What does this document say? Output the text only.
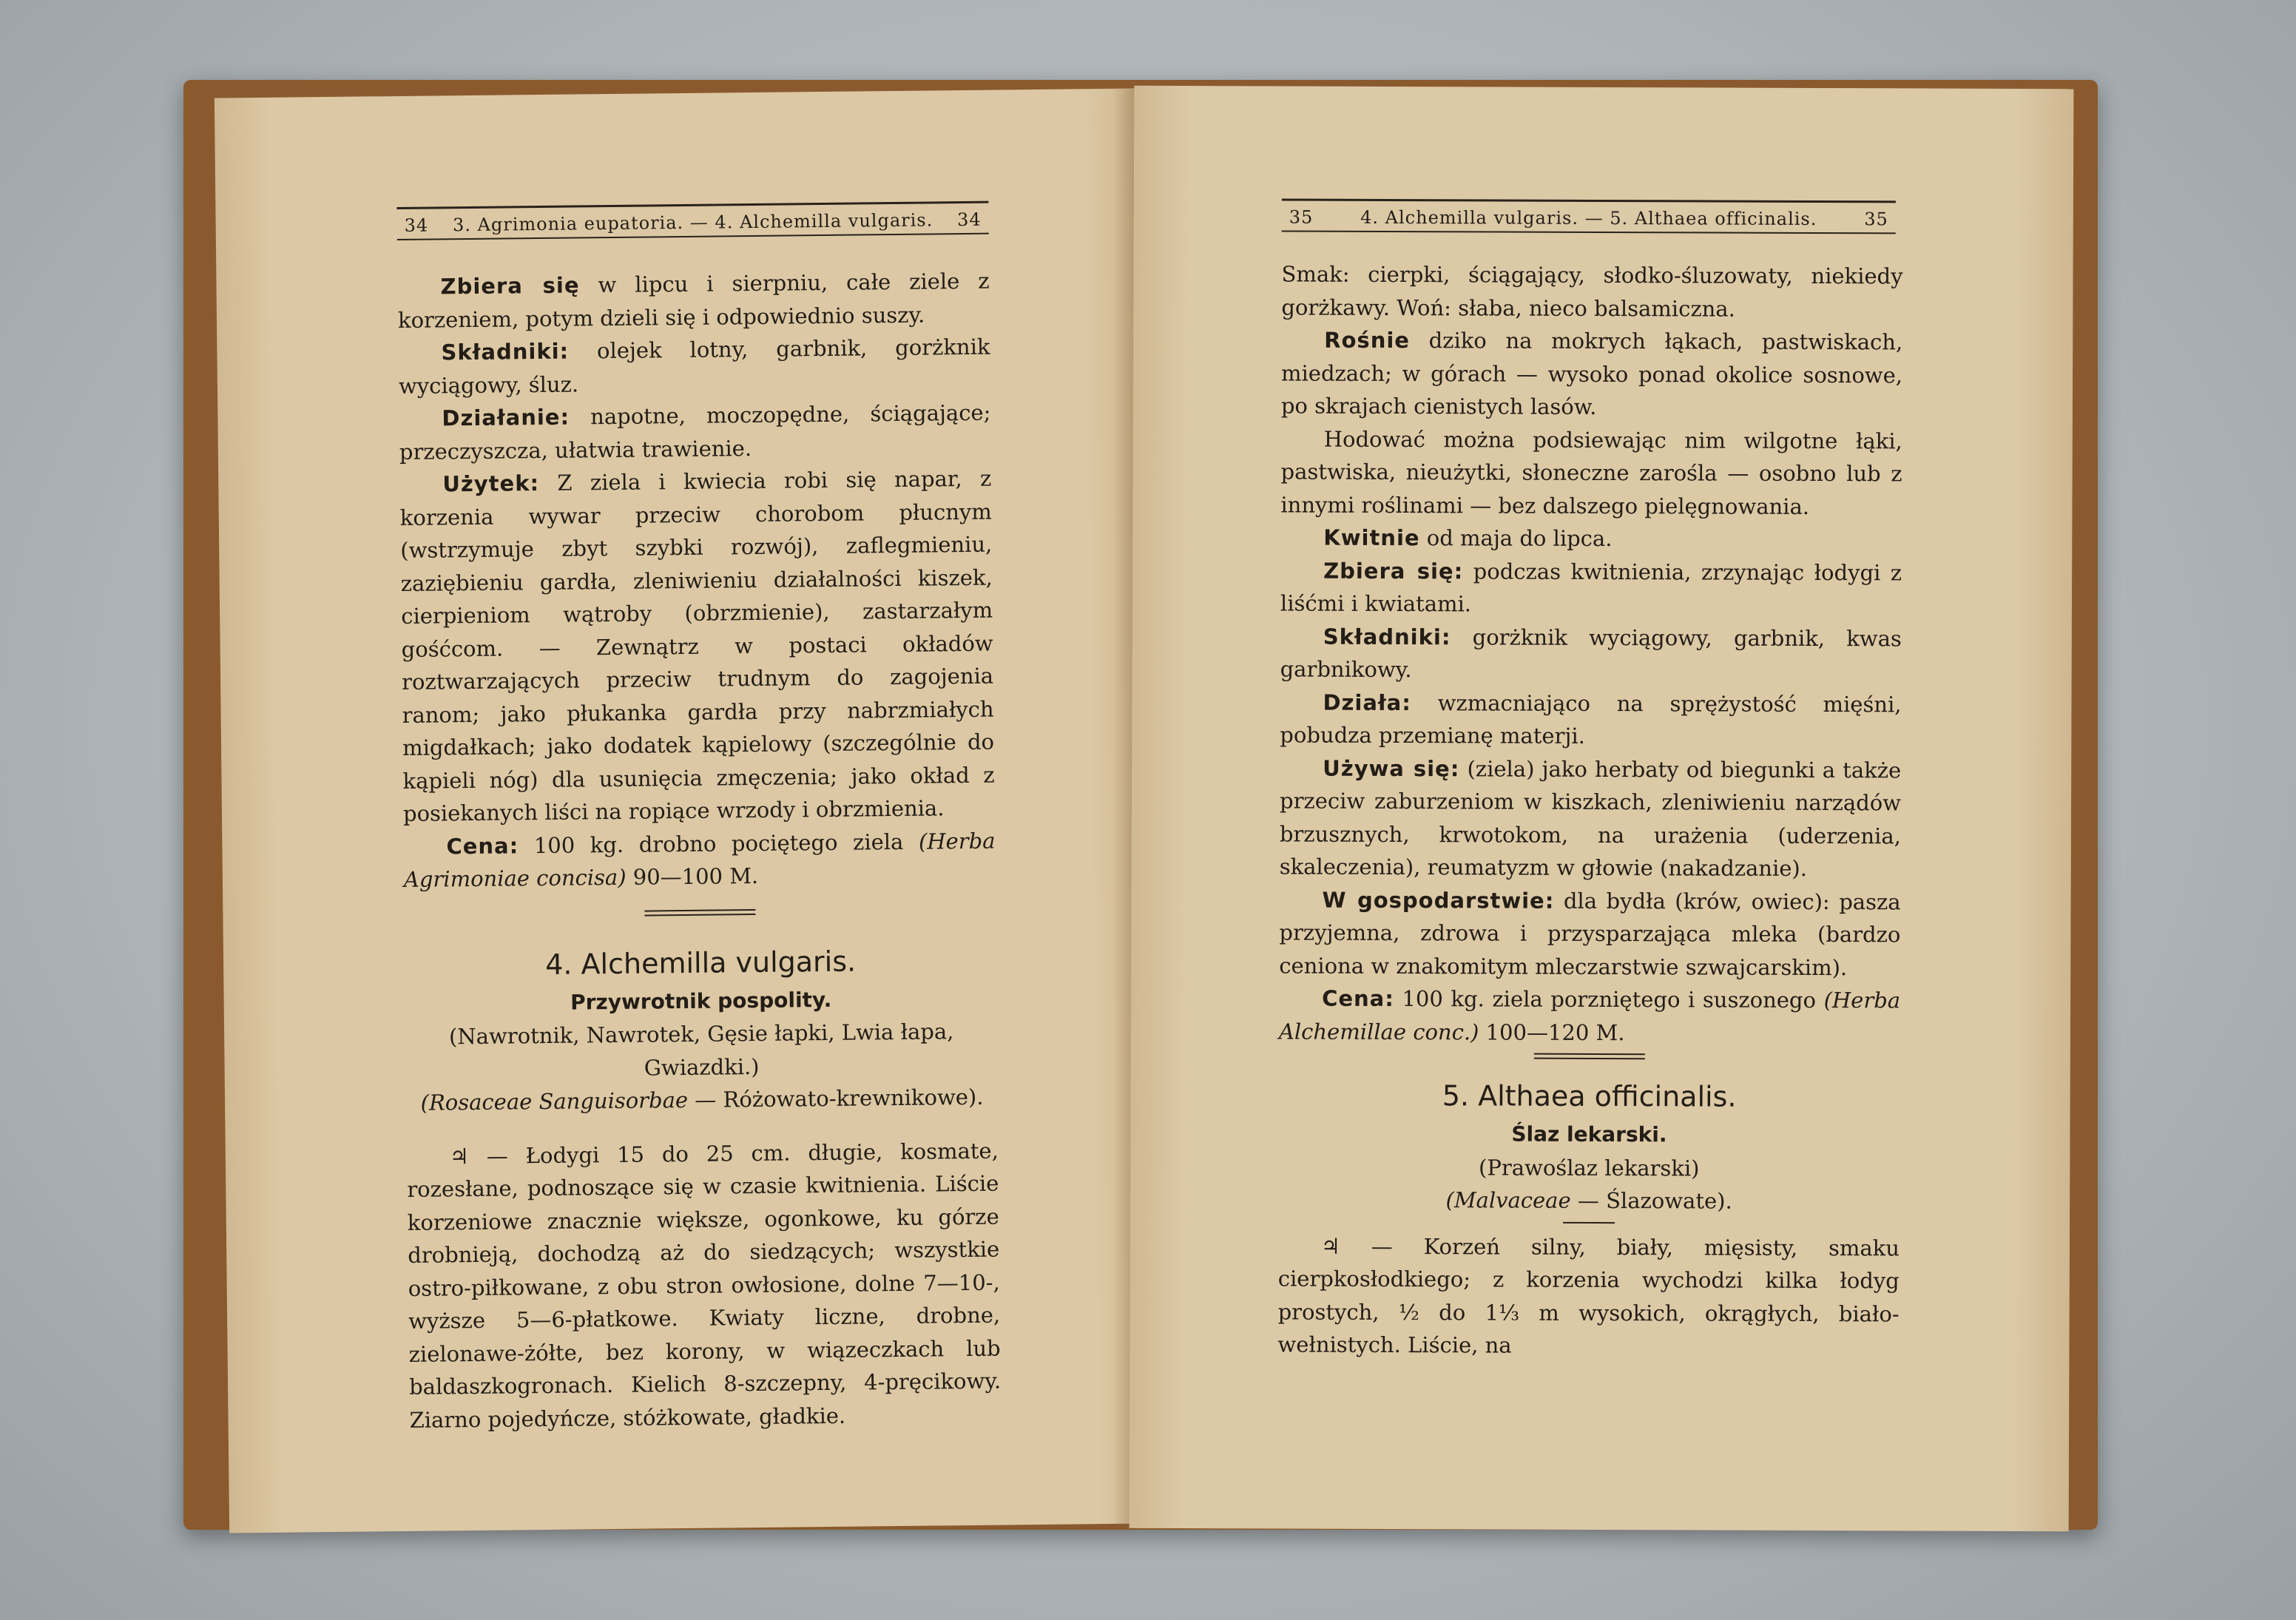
34 3. Agrimonia eupatoria. — 4. Alchemilla vulgaris. 34

Zbiera się w lipcu i sierpniu, całe ziele z korzeniem, potym dzieli się i odpowiednio suszy.

Składniki: olejek lotny, garbnik, gorżknik wyciągowy, śluz.

Działanie: napotne, moczopędne, ściągające; przeczyszcza, ułatwia trawienie.

Użytek: Z ziela i kwiecia robi się napar, z korzenia wywar przeciw chorobom płucnym (wstrzymuje zbyt szybki rozwój), zaflegmieniu, zaziębieniu gardła, zleniwieniu działalności kiszek, cierpieniom wątroby (obrzmienie), zastarzałym gośćcom. — Zewnątrz w postaci okładów roztwarzających przeciw trudnym do zagojenia ranom; jako płukanka gardła przy nabrzmiałych migdałkach; jako dodatek kąpielowy (szczególnie do kąpieli nóg) dla usunięcia zmęczenia; jako okład z posiekanych liści na ropiące wrzody i obrzmienia.

Cena: 100 kg. drobno pociętego ziela (Herba Agrimoniae concisa) 90—100 M.

4. Alchemilla vulgaris.
Przywrotnik pospolity.
(Nawrotnik, Nawrotek, Gęsie łapki, Lwia łapa, Gwiazdki.)
(Rosaceae Sanguisorbae — Różowato-krewnikowe).

♃ — Łodygi 15 do 25 cm. długie, kosmate, rozesłane, podnoszące się w czasie kwitnienia. Liście korzeniowe znacznie większe, ogonkowe, ku górze drobnieją, dochodzą aż do siedzących; wszystkie ostro-piłkowane, z obu stron owłosione, dolne 7—10-, wyższe 5—6-płatkowe. Kwiaty liczne, drobne, zielonawe-żółte, bez korony, w wiązeczkach lub baldaszkogronach. Kielich 8-szczepny, 4-pręcikowy. Ziarno pojedyńcze, stóżkowate, gładkie.

35	4. Alchemilla vulgaris. — 5. Althaea officinalis.	35

Smak: cierpki, ściągający, słodko-śluzowaty, niekiedy gorżkawy. Woń: słaba, nieco balsamiczna.

Rośnie dziko na mokrych łąkach, pastwiskach, miedzach; w górach — wysoko ponad okolice sosnowe, po skrajach cienistych lasów.

Hodować można podsiewając nim wilgotne łąki, pastwiska, nieużytki, słoneczne zarośla — osobno lub z innymi roślinami — bez dalszego pielęgnowania.

Kwitnie od maja do lipca.

Zbiera się: podczas kwitnienia, zrzynając łodygi z liśćmi i kwiatami.

Składniki: gorżknik wyciągowy, garbnik, kwas garbnikowy.

Działa: wzmacniająco na sprężystość mięśni, pobudza przemianę materji.

Używa się: (ziela) jako herbaty od biegunki a także przeciw zaburzeniom w kiszkach, zleniwieniu narządów brzusznych, krwotokom, na urażenia (uderzenia, skaleczenia), reumatyzm w głowie (nakadzanie).

W gospodarstwie: dla bydła (krów, owiec): pasza przyjemna, zdrowa i przysparzająca mleka (bardzo ceniona w znakomitym mleczarstwie szwajcarskim).

Cena: 100 kg. ziela porzniętego i suszonego (Herba Alchemillae conc.) 100—120 M.

5. Althaea officinalis.
Ślaz lekarski.
(Prawoślaz lekarski)
(Malvaceae — Ślazowate).

♃ — Korzeń silny, biały, mięsisty, smaku cierpkosłodkiego; z korzenia wychodzi kilka łodyg prostych, ½ do 1⅓ m wysokich, okrągłych, biało-wełnistych. Liście, na
